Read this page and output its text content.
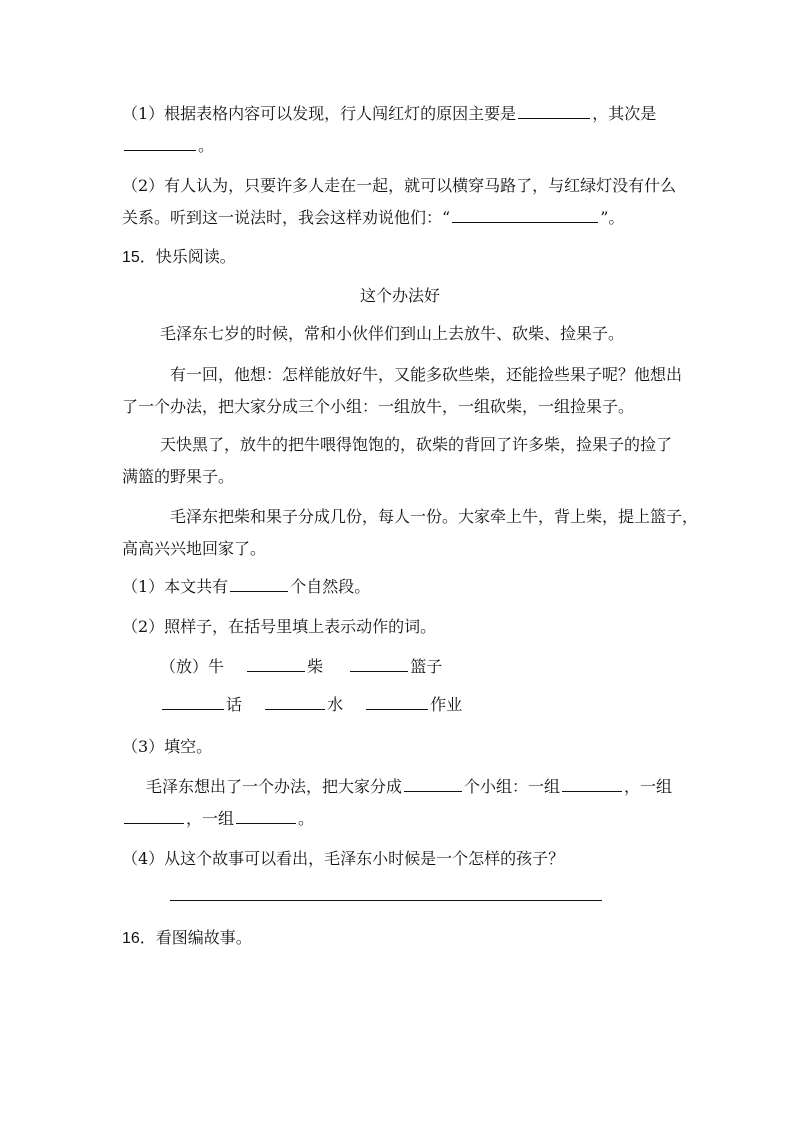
（1）根据表格内容可以发现，行人闯红灯的原因主要是	，其次是
。
（2）有人认为，只要许多人走在一起，就可以横穿马路了，与红绿灯没有什么
关系。听到这一说法时，我会这样劝说他们：“	”。
15．快乐阅读。
这个办法好
毛泽东七岁的时候，常和小伙伴们到山上去放牛、砍柴、捡果子。
有一回，他想：怎样能放好牛，又能多砍些柴，还能捡些果子呢？他想出
了一个办法，把大家分成三个小组：一组放牛，一组砍柴，一组捡果子。
天快黑了，放牛的把牛喂得饱饱的，砍柴的背回了许多柴，捡果子的捡了
满篮的野果子。
毛泽东把柴和果子分成几份，每人一份。大家牵上牛，背上柴，提上篮子，
高高兴兴地回家了。
（1）本文共有	个自然段。
（2）照样子，在括号里填上表示动作的词。
（放）牛	柴	篮子
话	水	作业
（3）填空。
毛泽东想出了一个办法，把大家分成	个小组：一组	，一组
，一组	。
（4）从这个故事可以看出，毛泽东小时候是一个怎样的孩子？
16．看图编故事。
